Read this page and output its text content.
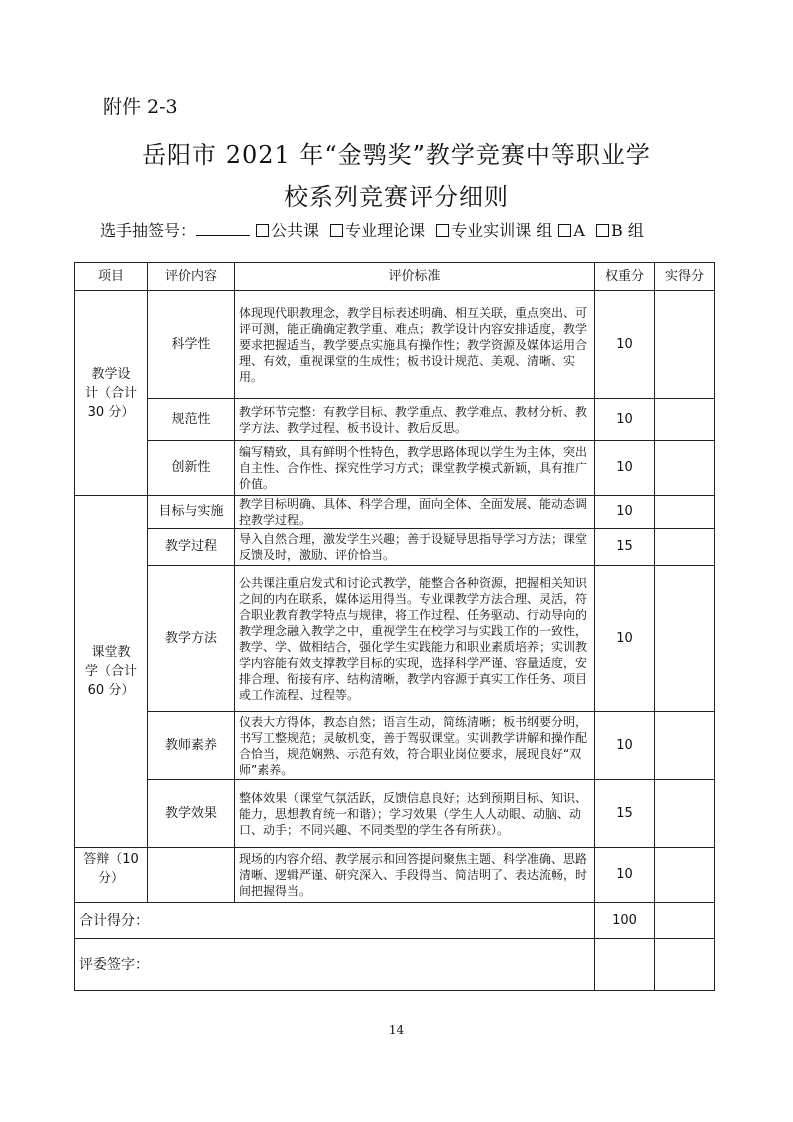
附件 2-3
岳阳市 2021 年“金鹗奖”教学竞赛中等职业学
校系列竞赛评分细则
选手抽签号：	公共课 专业理论课 专业实训课 组 A B 组
项目	评价内容	评价标准	权重分	实得分

教学设
计（合计
30 分）	科学性	体现现代职教理念，教学目标表述明确、相互关联，重点突出、可评可测，能正确确定教学重、难点；教学设计内容安排适度，教学要求把握适当，教学要点实施具有操作性；教学资源及媒体运用合理、有效，重视课堂的生成性；板书设计规范、美观、清晰、实用。	10	
	规范性	教学环节完整：有教学目标、教学重点、教学难点、教材分析、教学方法、教学过程、板书设计、教后反思。	10	
	创新性	编写精致，具有鲜明个性特色，教学思路体现以学生为主体，突出自主性、合作性、探究性学习方式；课堂教学模式新颖，具有推广价值。	10	

课堂教
学（合计
60 分）	目标与实施	教学目标明确、具体、科学合理，面向全体、全面发展、能动态调控教学过程。	10	
	教学过程	导入自然合理，激发学生兴趣；善于设疑导思指导学习方法；课堂反馈及时，激励、评价恰当。	15	
	教学方法	公共课注重启发式和讨论式教学，能整合各种资源，把握相关知识之间的内在联系，媒体运用得当。专业课教学方法合理、灵活，符合职业教育教学特点与规律，将工作过程、任务驱动、行动导向的教学理念融入教学之中，重视学生在校学习与实践工作的一致性，教学、学、做相结合，强化学生实践能力和职业素质培养；实训教学内容能有效支撑教学目标的实现，选择科学严谨、容量适度，安排合理、衔接有序、结构清晰，教学内容源于真实工作任务、项目或工作流程、过程等。	10	
	教师素养	仪表大方得体，教态自然；语言生动，简练清晰；板书纲要分明，书写工整规范；灵敏机变，善于驾驭课堂。实训教学讲解和操作配合恰当，规范娴熟、示范有效，符合职业岗位要求，展现良好“双师”素养。	10	
	教学效果	整体效果（课堂气氛活跃，反馈信息良好；达到预期目标、知识、能力，思想教育统一和谐）；学习效果（学生人人动眼、动脑、动口、动手；不同兴趣、不同类型的学生各有所获）。	15	

答辩（10
分）		现场的内容介绍、教学展示和回答提问聚焦主题、科学准确、思路清晰、逻辑严谨、研究深入、手段得当、简洁明了、表达流畅，时间把握得当。	10	
合计得分：			100	
评委签字：				
14
